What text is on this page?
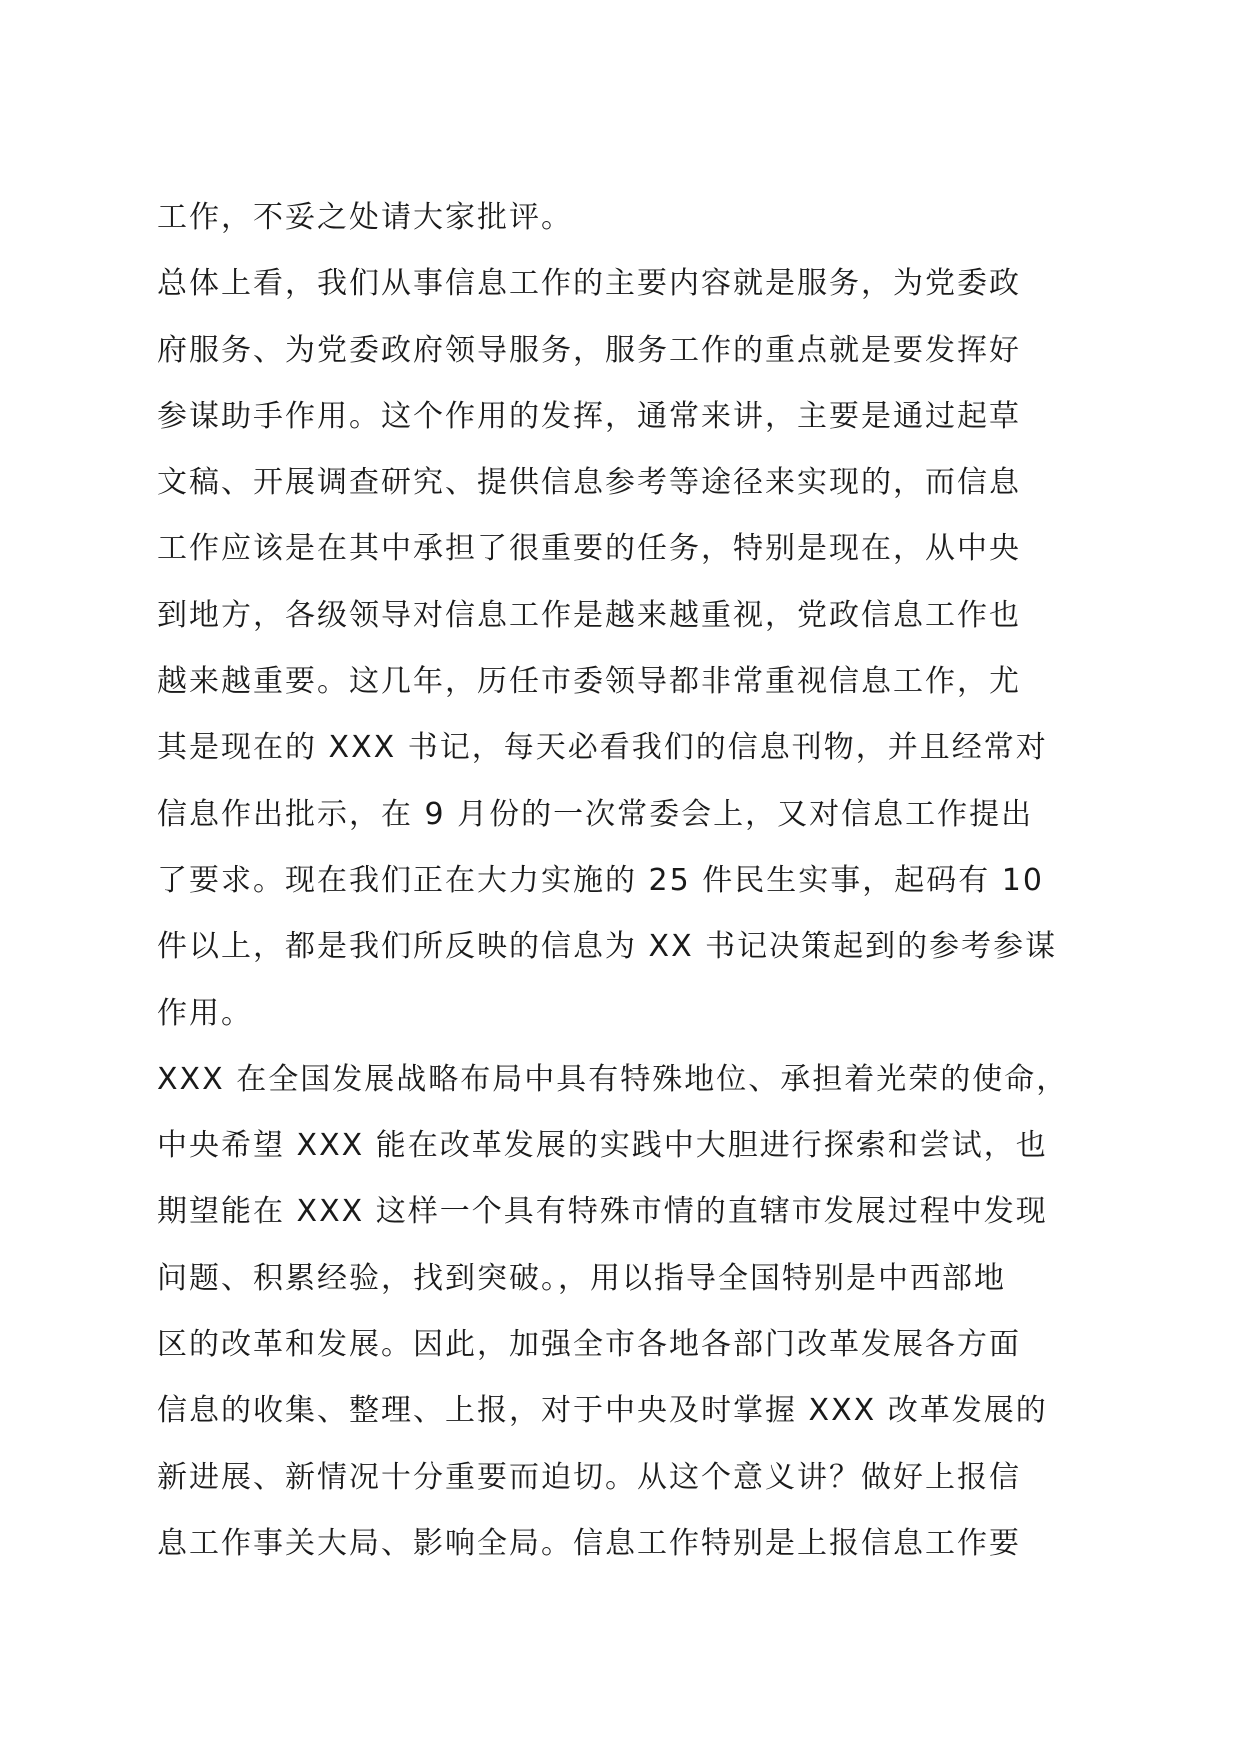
工作，不妥之处请大家批评。
总体上看，我们从事信息工作的主要内容就是服务，为党委政
府服务、为党委政府领导服务，服务工作的重点就是要发挥好
参谋助手作用。这个作用的发挥，通常来讲，主要是通过起草
文稿、开展调查研究、提供信息参考等途径来实现的，而信息
工作应该是在其中承担了很重要的任务，特别是现在，从中央
到地方，各级领导对信息工作是越来越重视，党政信息工作也
越来越重要。这几年，历任市委领导都非常重视信息工作，尤
其是现在的 XXX 书记，每天必看我们的信息刊物，并且经常对
信息作出批示，在 9 月份的一次常委会上，又对信息工作提出
了要求。现在我们正在大力实施的 25 件民生实事，起码有 10
件以上，都是我们所反映的信息为 XX 书记决策起到的参考参谋
作用。
XXX 在全国发展战略布局中具有特殊地位、承担着光荣的使命，
中央希望 XXX 能在改革发展的实践中大胆进行探索和尝试，也
期望能在 XXX 这样一个具有特殊市情的直辖市发展过程中发现
问题、积累经验，找到突破。，用以指导全国特别是中西部地
区的改革和发展。因此，加强全市各地各部门改革发展各方面
信息的收集、整理、上报，对于中央及时掌握 XXX 改革发展的
新进展、新情况十分重要而迫切。从这个意义讲？做好上报信
息工作事关大局、影响全局。信息工作特别是上报信息工作要
